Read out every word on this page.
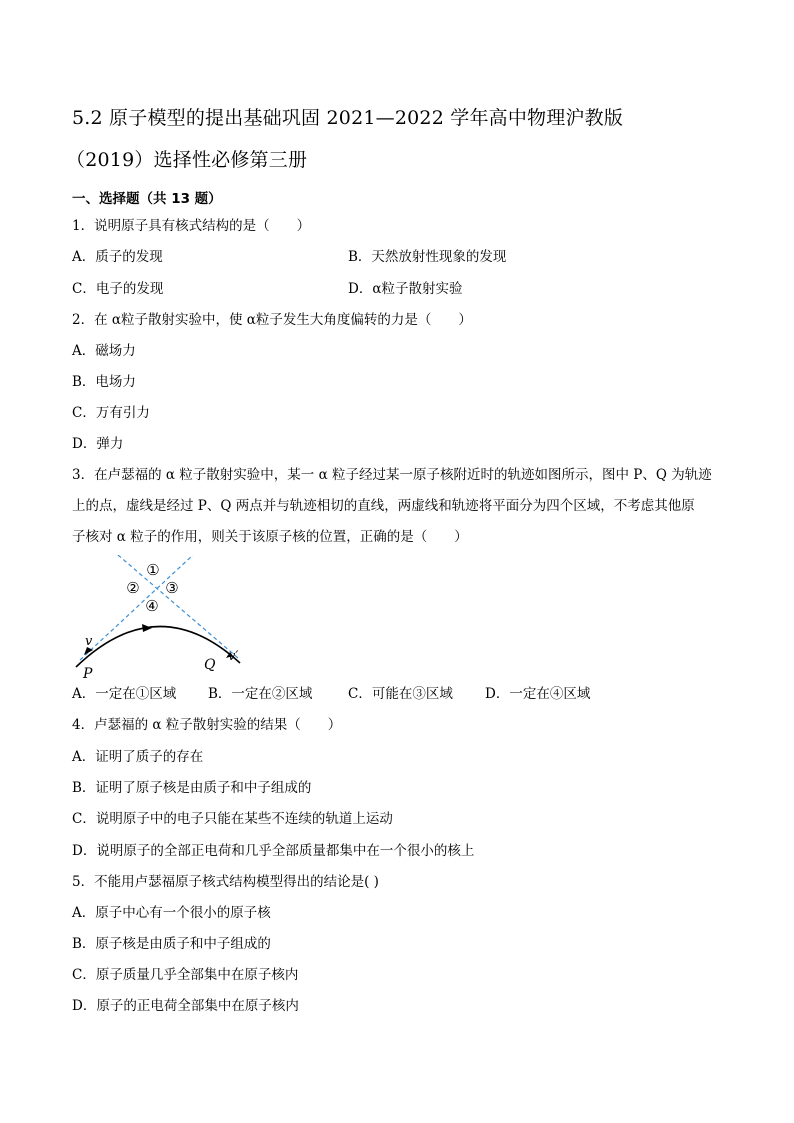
5.2 原子模型的提出基础巩固 2021—2022 学年高中物理沪教版
（2019）选择性必修第三册
一、选择题（共 13 题）
1．说明原子具有核式结构的是（　　）
A．质子的发现	B．天然放射性现象的发现
C．电子的发现	D．α粒子散射实验
2．在 α粒子散射实验中，使 α粒子发生大角度偏转的力是（　　）
A．磁场力
B．电场力
C．万有引力
D．弹力
3．在卢瑟福的 α 粒子散射实验中，某一 α 粒子经过某一原子核附近时的轨迹如图所示，图中 P、Q 为轨迹
上的点，虚线是经过 P、Q 两点并与轨迹相切的直线，两虚线和轨迹将平面分为四个区域，不考虑其他原
子核对 α 粒子的作用，则关于该原子核的位置，正确的是（　　）
①
② ③
④
v
v′
P
Q
A．一定在①区域 B．一定在②区域	C．可能在③区域 D．一定在④区域
4．卢瑟福的 α 粒子散射实验的结果（　　）
A．证明了质子的存在
B．证明了原子核是由质子和中子组成的
C．说明原子中的电子只能在某些不连续的轨道上运动
D．说明原子的全部正电荷和几乎全部质量都集中在一个很小的核上
5．不能用卢瑟福原子核式结构模型得出的结论是( )
A．原子中心有一个很小的原子核
B．原子核是由质子和中子组成的
C．原子质量几乎全部集中在原子核内
D．原子的正电荷全部集中在原子核内
